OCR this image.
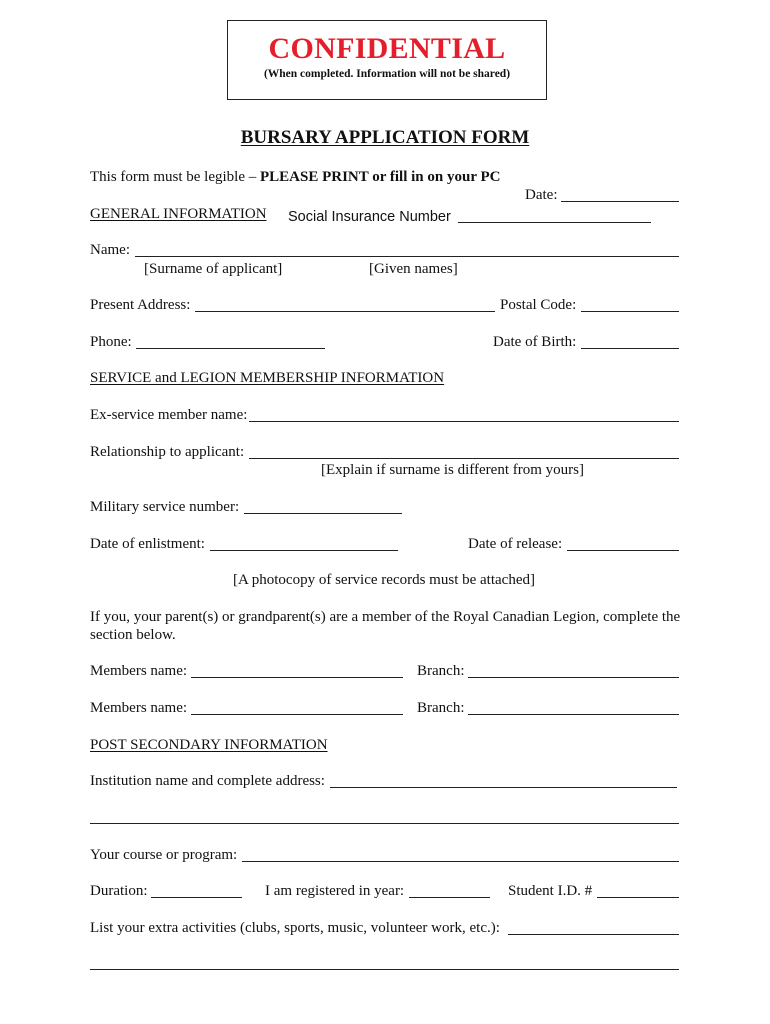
CONFIDENTIAL
(When completed. Information will not be shared)
BURSARY APPLICATION FORM
This form must be legible – PLEASE PRINT or fill in on your PC
Date:
GENERAL INFORMATION Social Insurance Number
Name:
[Surname of applicant]	[Given names]
Present Address:	Postal Code:
Phone:	Date of Birth:
SERVICE and LEGION MEMBERSHIP INFORMATION
Ex-service member name:
Relationship to applicant:
[Explain if surname is different from yours]
Military service number:
Date of enlistment:	Date of release:
[A photocopy of service records must be attached]
If you, your parent(s) or grandparent(s) are a member of the Royal Canadian Legion, complete the
section below.
Members name:	Branch:
Members name:	Branch:
POST SECONDARY INFORMATION
Institution name and complete address:
Your course or program:
Duration:	I am registered in year:	Student I.D. #
List your extra activities (clubs, sports, music, volunteer work, etc.):
